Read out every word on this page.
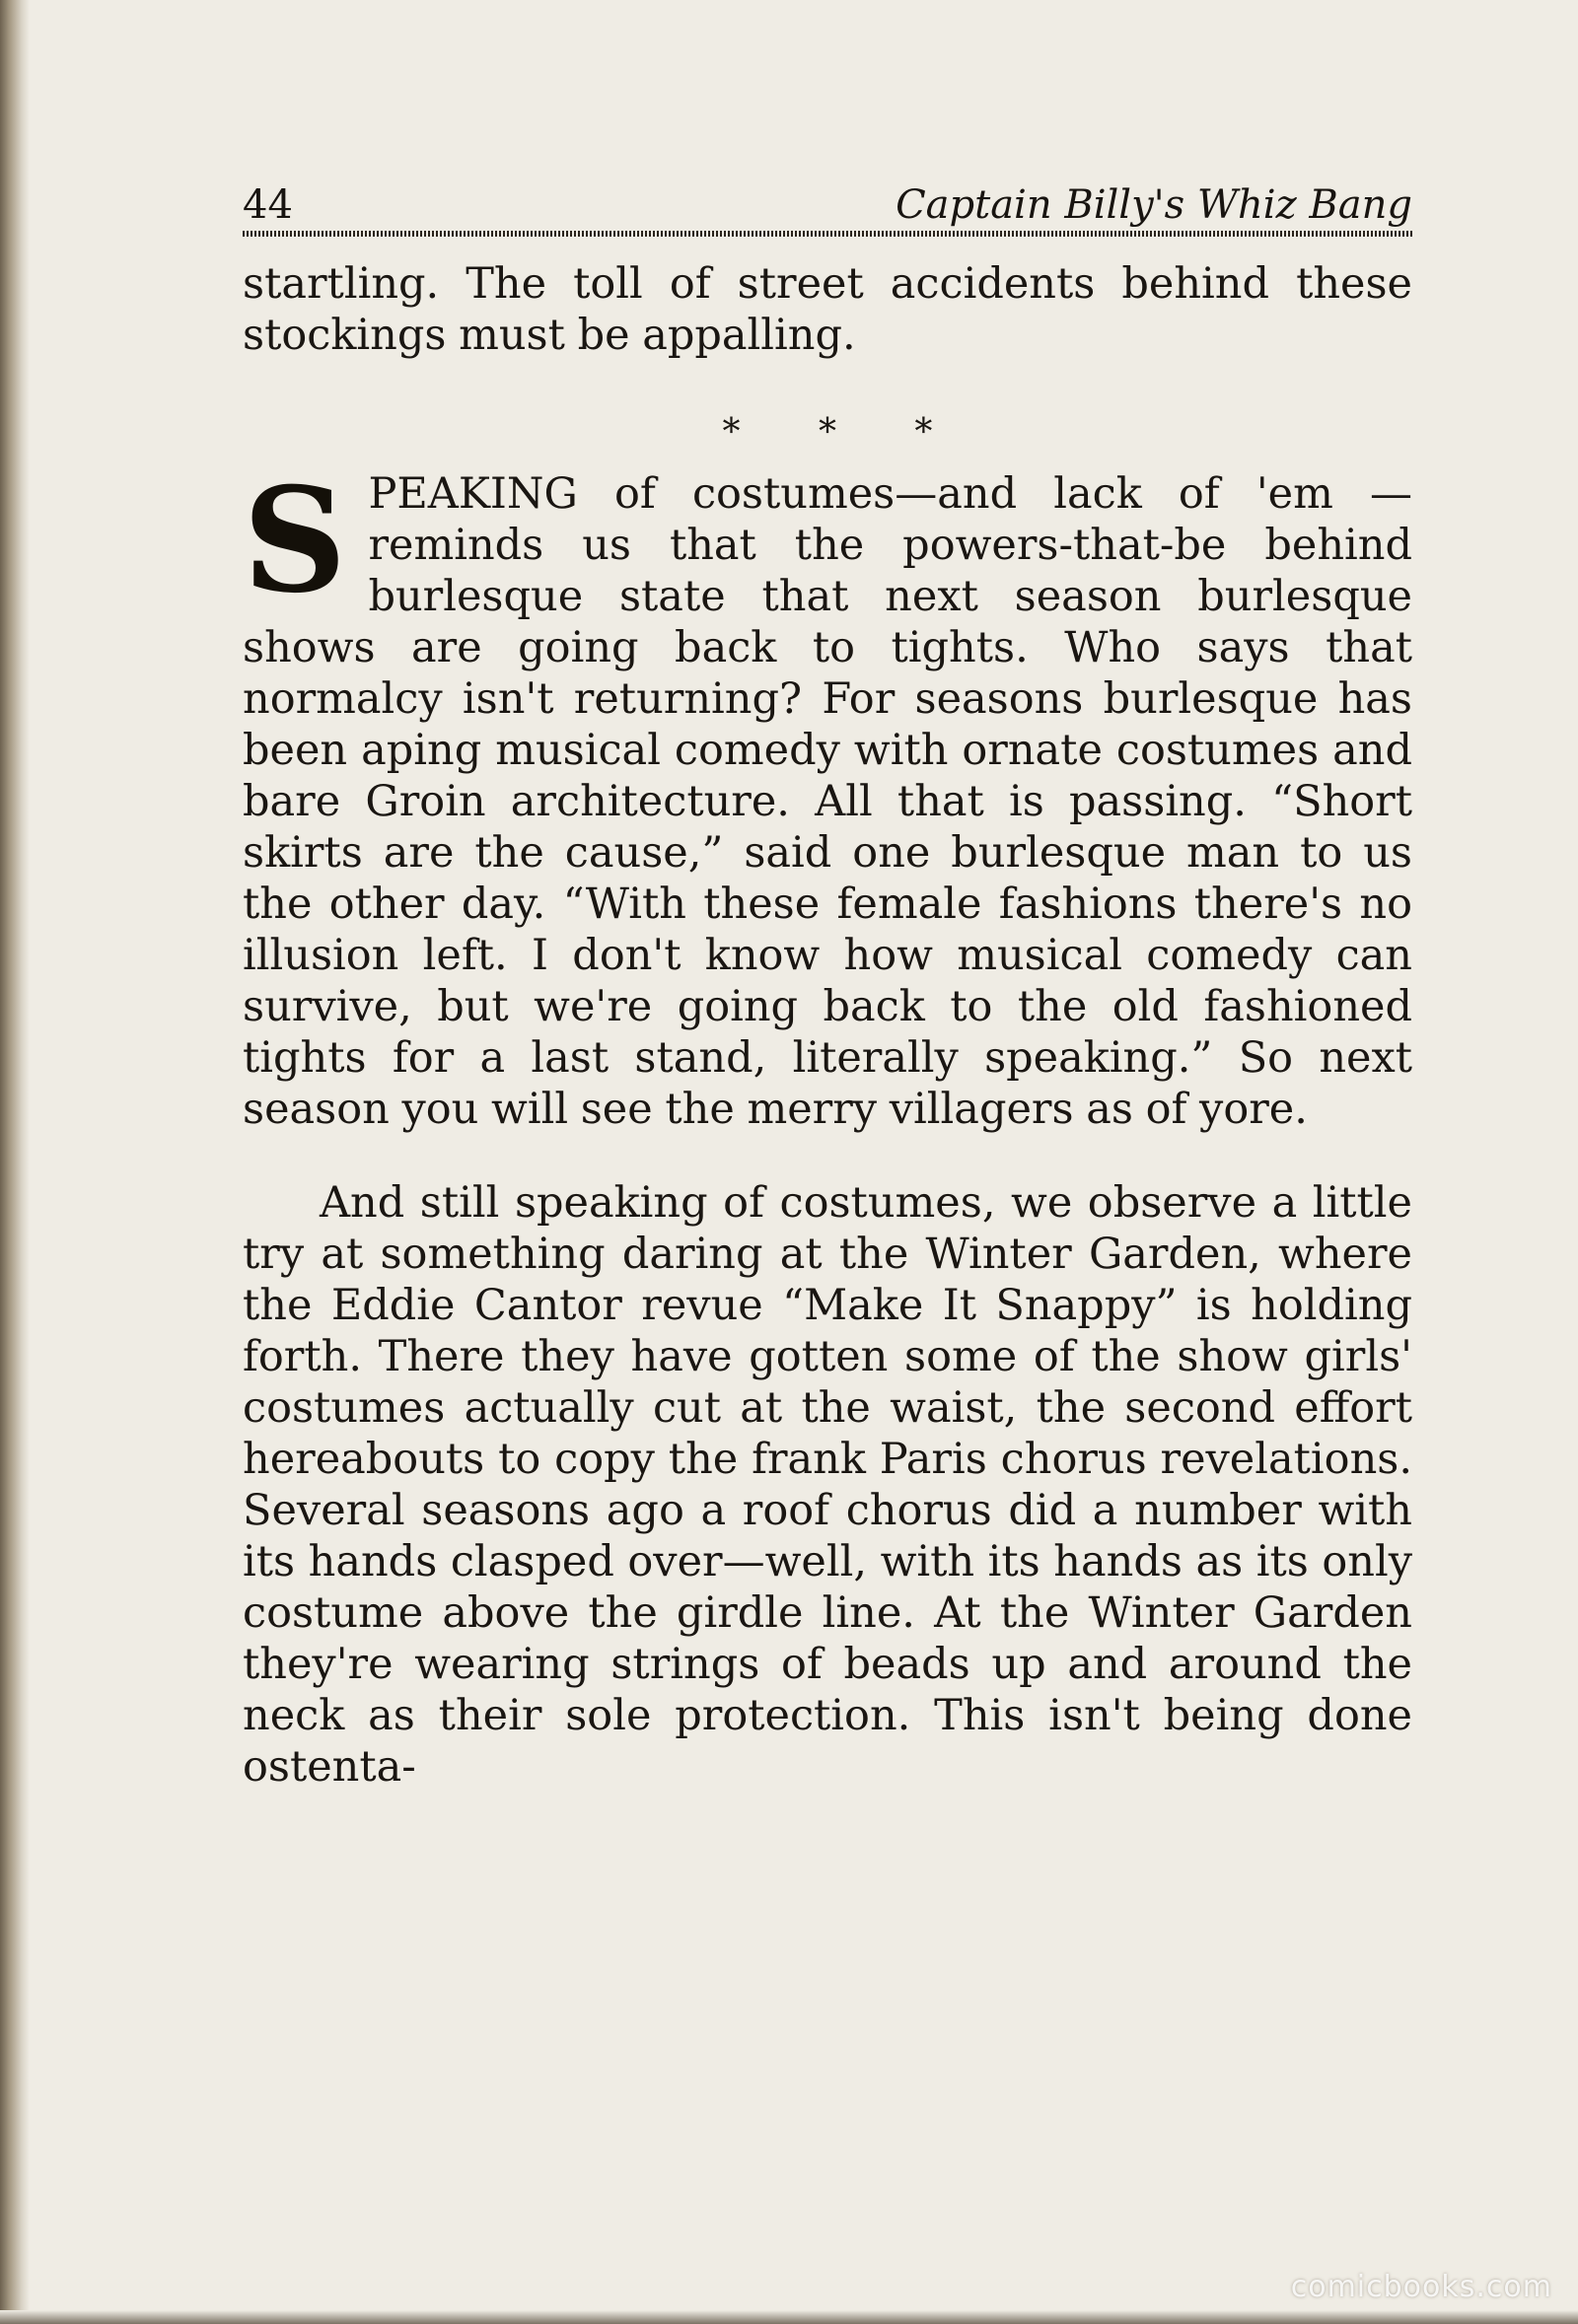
44	Captain Billy's Whiz Bang

startling. The toll of street accidents behind these stockings must be appalling.

* * *

SPEAKING of costumes—and lack of 'em —reminds us that the powers-that-be behind burlesque state that next season burlesque shows are going back to tights. Who says that normalcy isn't returning? For seasons burlesque has been aping musical comedy with ornate costumes and bare Groin architecture. All that is passing. “Short skirts are the cause,” said one burlesque man to us the other day. “With these female fashions there's no illusion left. I don't know how musical comedy can survive, but we're going back to the old fashioned tights for a last stand, literally speaking.” So next season you will see the merry villagers as of yore.

And still speaking of costumes, we observe a little try at something daring at the Winter Garden, where the Eddie Cantor revue “Make It Snappy” is holding forth. There they have gotten some of the show girls' costumes actually cut at the waist, the second effort hereabouts to copy the frank Paris chorus revelations. Several seasons ago a roof chorus did a number with its hands clasped over—well, with its hands as its only costume above the girdle line. At the Winter Garden they're wearing strings of beads up and around the neck as their sole protection. This isn't being done ostenta-

comicbooks.com
